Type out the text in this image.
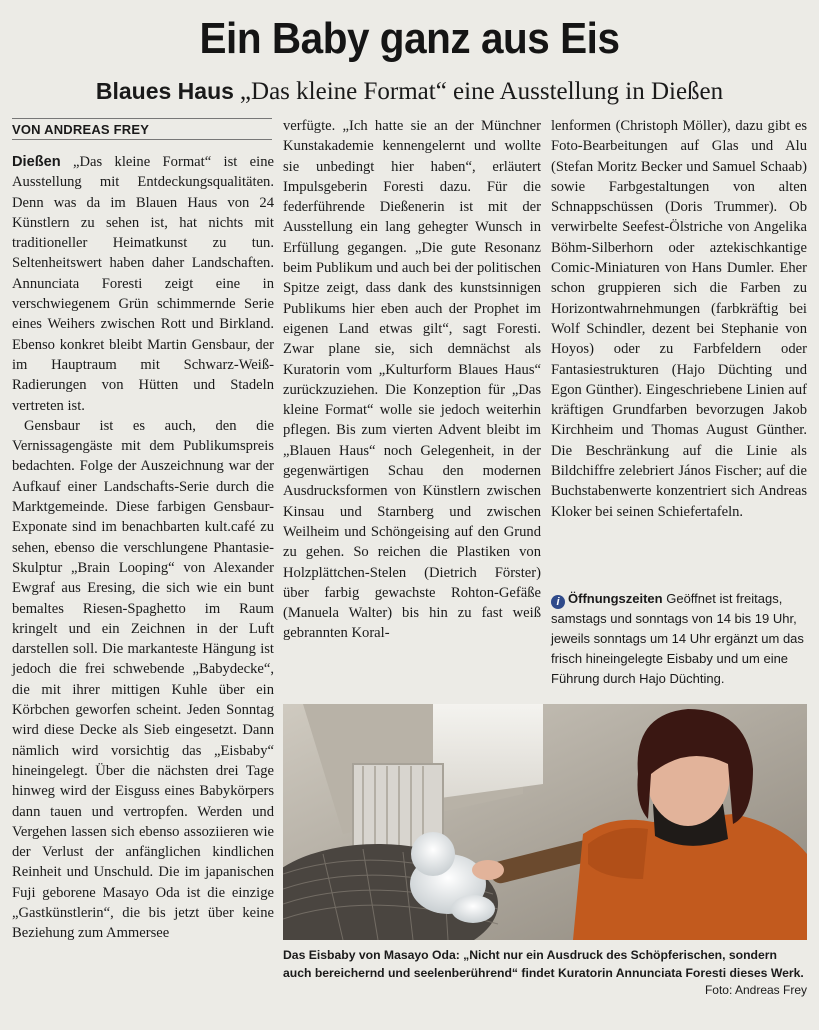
Ein Baby ganz aus Eis
Blaues Haus „Das kleine Format“ eine Ausstellung in Dießen
VON ANDREAS FREY

Dießen „Das kleine Format“ ist eine Ausstellung mit Entdeckungsqualitäten. Denn was da im Blauen Haus von 24 Künstlern zu sehen ist, hat nichts mit traditioneller Heimatkunst zu tun. Seltenheitswert haben daher Landschaften. Annunciata Foresti zeigt eine in verschwiegenem Grün schimmernde Serie eines Weihers zwischen Rott und Birkland. Ebenso konkret bleibt Martin Gensbaur, der im Hauptraum mit Schwarz-Weiß-Radierungen von Hütten und Stadeln vertreten ist.

Gensbaur ist es auch, den die Vernissagengäste mit dem Publikumspreis bedachten. Folge der Auszeichnung war der Aufkauf einer Landschafts-Serie durch die Marktgemeinde. Diese farbigen Gensbaur-Exponate sind im benachbarten kult.café zu sehen, ebenso die verschlungene Phantasie-Skulptur „Brain Looping“ von Alexander Ewgraf aus Eresing, die sich wie ein bunt bemaltes Riesen-Spaghetto im Raum kringelt und ein Zeichnen in der Luft darstellen soll. Die markanteste Hängung ist jedoch die frei schwebende „Babydecke“, die mit ihrer mittigen Kuhle über ein Körbchen geworfen scheint. Jeden Sonntag wird diese Decke als Sieb eingesetzt. Dann nämlich wird vorsichtig das „Eisbaby“ hineingelegt. Über die nächsten drei Tage hinweg wird der Eisguss eines Babykörpers dann tauen und vertropfen. Werden und Vergehen lassen sich ebenso assoziieren wie der Verlust der anfänglichen kindlichen Reinheit und Unschuld. Die im japanischen Fuji geborene Masayo Oda ist die einzige „Gastkünstlerin“, die bis jetzt über keine Beziehung zum Ammersee

verfügte. „Ich hatte sie an der Münchner Kunstakademie kennengelernt und wollte sie unbedingt hier haben“, erläutert Impulsgeberin Foresti dazu. Für die federführende Dießenerin ist mit der Ausstellung ein lang gehegter Wunsch in Erfüllung gegangen. „Die gute Resonanz beim Publikum und auch bei der politischen Spitze zeigt, dass dank des kunstsinnigen Publikums hier eben auch der Prophet im eigenen Land etwas gilt“, sagt Foresti. Zwar plane sie, sich demnächst als Kuratorin vom „Kulturform Blaues Haus“ zurückzuziehen. Die Konzeption für „Das kleine Format“ wolle sie jedoch weiterhin pflegen. Bis zum vierten Advent bleibt im „Blauen Haus“ noch Gelegenheit, in der gegenwärtigen Schau den modernen Ausdrucksformen von Künstlern zwischen Kinsau und Starnberg und zwischen Weilheim und Schöngeising auf den Grund zu gehen. So reichen die Plastiken von Holzplättchen-Stelen (Dietrich Förster) über farbig gewachste Rohton-Gefäße (Manuela Walter) bis hin zu fast weiß gebrannten Koral-

lenformen (Christoph Möller), dazu gibt es Foto-Bearbeitungen auf Glas und Alu (Stefan Moritz Becker und Samuel Schaab) sowie Farbgestaltungen von alten Schnappschüssen (Doris Trummer). Ob verwirbelte Seefest-Ölstriche von Angelika Böhm-Silberhorn oder aztekischkantige Comic-Miniaturen von Hans Dumler. Eher schon gruppieren sich die Farben zu Horizontwahrnehmungen (farbkräftig bei Wolf Schindler, dezent bei Stephanie von Hoyos) oder zu Farbfeldern oder Fantasiestrukturen (Hajo Düchting und Egon Günther). Eingeschriebene Linien auf kräftigen Grundfarben bevorzugen Jakob Kirchheim und Thomas August Günther. Die Beschränkung auf die Linie als Bildchiffre zelebriert János Fischer; auf die Buchstabenwerte konzentriert sich Andreas Kloker bei seinen Schiefertafeln.

i Öffnungszeiten Geöffnet ist freitags, samstags und sonntags von 14 bis 19 Uhr, jeweils sonntags um 14 Uhr ergänzt um das frisch hineingelegte Eisbaby und um eine Führung durch Hajo Düchting.
Das Eisbaby von Masayo Oda: „Nicht nur ein Ausdruck des Schöpferischen, sondern auch bereichernd und seelenberührend“ findet Kuratorin Annunciata Foresti dieses Werk.
Foto: Andreas Frey
